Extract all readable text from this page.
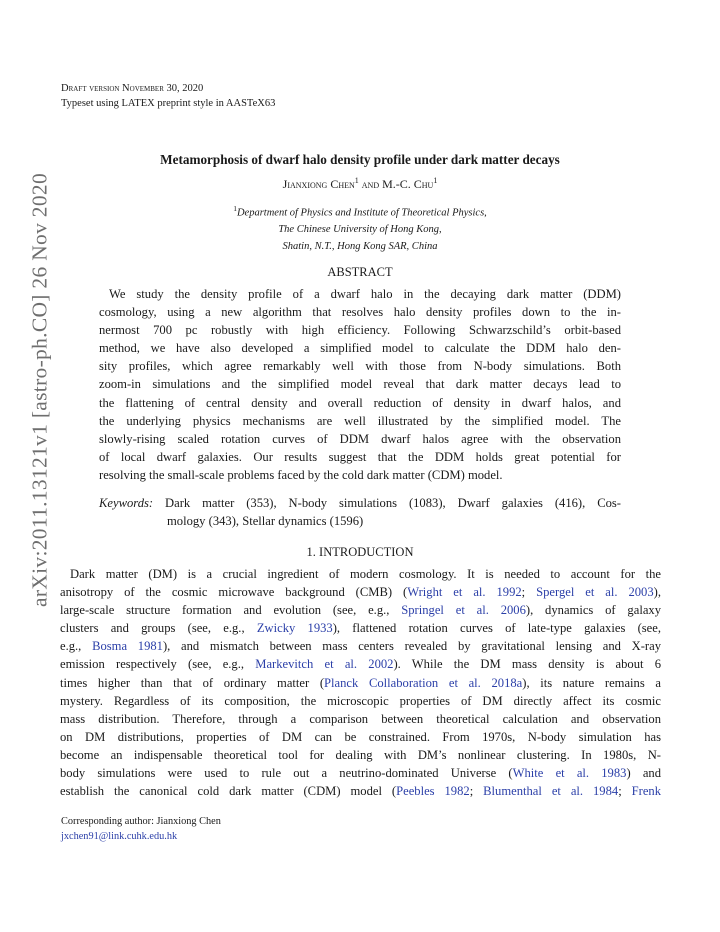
arXiv:2011.13121v1 [astro-ph.CO] 26 Nov 2020
Draft version November 30, 2020
Typeset using LATEX preprint style in AASTeX63
Metamorphosis of dwarf halo density profile under dark matter decays
Jianxiong Chen$^1$ and M.-C. Chu$^1$
$^1$Department of Physics and Institute of Theoretical Physics,
The Chinese University of Hong Kong,
Shatin, N.T., Hong Kong SAR, China
ABSTRACT
We study the density profile of a dwarf halo in the decaying dark matter (DDM)
cosmology, using a new algorithm that resolves halo density profiles down to the in-
nermost 700 pc robustly with high efficiency. Following Schwarzschild’s orbit-based
method, we have also developed a simplified model to calculate the DDM halo den-
sity profiles, which agree remarkably well with those from N-body simulations. Both
zoom-in simulations and the simplified model reveal that dark matter decays lead to
the flattening of central density and overall reduction of density in dwarf halos, and
the underlying physics mechanisms are well illustrated by the simplified model. The
slowly-rising scaled rotation curves of DDM dwarf halos agree with the observation
of local dwarf galaxies. Our results suggest that the DDM holds great potential for
resolving the small-scale problems faced by the cold dark matter (CDM) model.
Keywords: Dark matter (353), N-body simulations (1083), Dwarf galaxies (416), Cos-
mology (343), Stellar dynamics (1596)
1. INTRODUCTION
Dark matter (DM) is a crucial ingredient of modern cosmology. It is needed to account for the
anisotropy of the cosmic microwave background (CMB) (Wright et al. 1992; Spergel et al. 2003),
large-scale structure formation and evolution (see, e.g., Springel et al. 2006), dynamics of galaxy
clusters and groups (see, e.g., Zwicky 1933), flattened rotation curves of late-type galaxies (see,
e.g., Bosma 1981), and mismatch between mass centers revealed by gravitational lensing and X-ray
emission respectively (see, e.g., Markevitch et al. 2002). While the DM mass density is about 6
times higher than that of ordinary matter (Planck Collaboration et al. 2018a), its nature remains a
mystery. Regardless of its composition, the microscopic properties of DM directly affect its cosmic
mass distribution. Therefore, through a comparison between theoretical calculation and observation
on DM distributions, properties of DM can be constrained. From 1970s, N-body simulation has
become an indispensable theoretical tool for dealing with DM’s nonlinear clustering. In 1980s, N-
body simulations were used to rule out a neutrino-dominated Universe (White et al. 1983) and
establish the canonical cold dark matter (CDM) model (Peebles 1982; Blumenthal et al. 1984; Frenk
Corresponding author: Jianxiong Chen
jxchen91@link.cuhk.edu.hk
